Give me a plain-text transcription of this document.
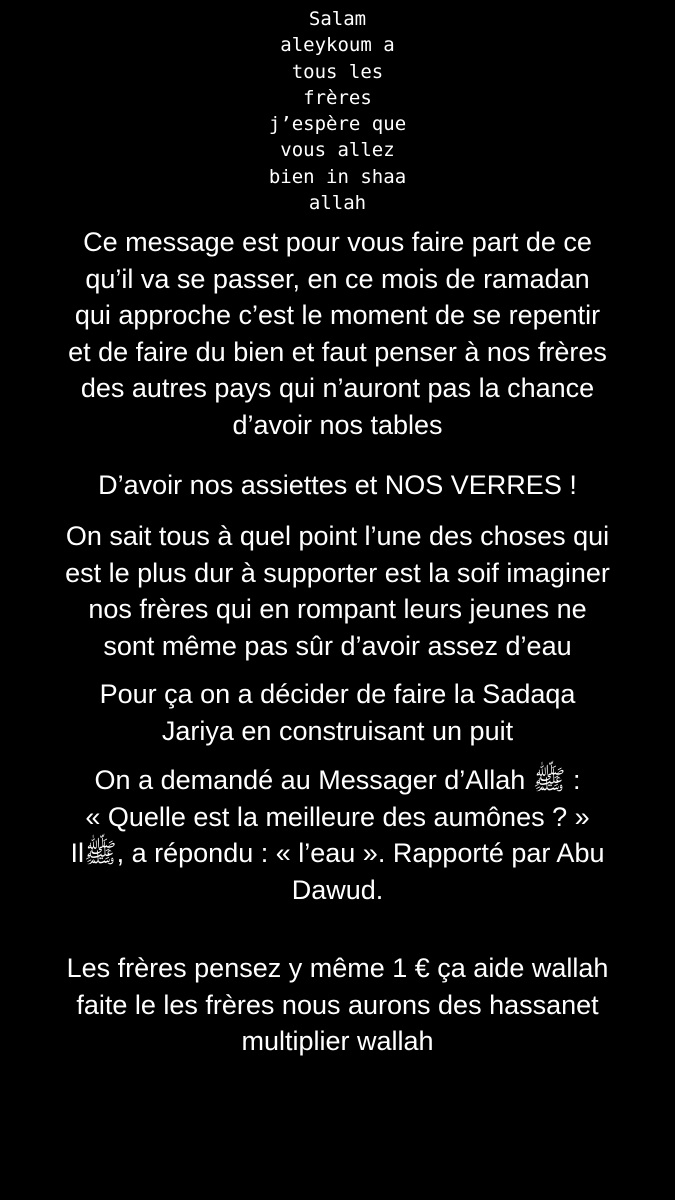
Salam
aleykoum a
tous les
frères
j’espère que
vous allez
bien in shaa
allah
Ce message est pour vous faire part de ce
qu’il va se passer, en ce mois de ramadan
qui approche c’est le moment de se repentir
et de faire du bien et faut penser à nos frères
des autres pays qui n’auront pas la chance
d’avoir nos tables
D’avoir nos assiettes et NOS VERRES !
On sait tous à quel point l’une des choses qui
est le plus dur à supporter est la soif imaginer
nos frères qui en rompant leurs jeunes ne
sont même pas sûr d’avoir assez d’eau
Pour ça on a décider de faire la Sadaqa
Jariya en construisant un puit
On a demandé au Messager d’Allah ﷺ :
« Quelle est la meilleure des aumônes ? »
Ilﷺ, a répondu : « l’eau ». Rapporté par Abu
Dawud.
Les frères pensez y même 1 € ça aide wallah
faite le les frères nous aurons des hassanet
multiplier wallah
